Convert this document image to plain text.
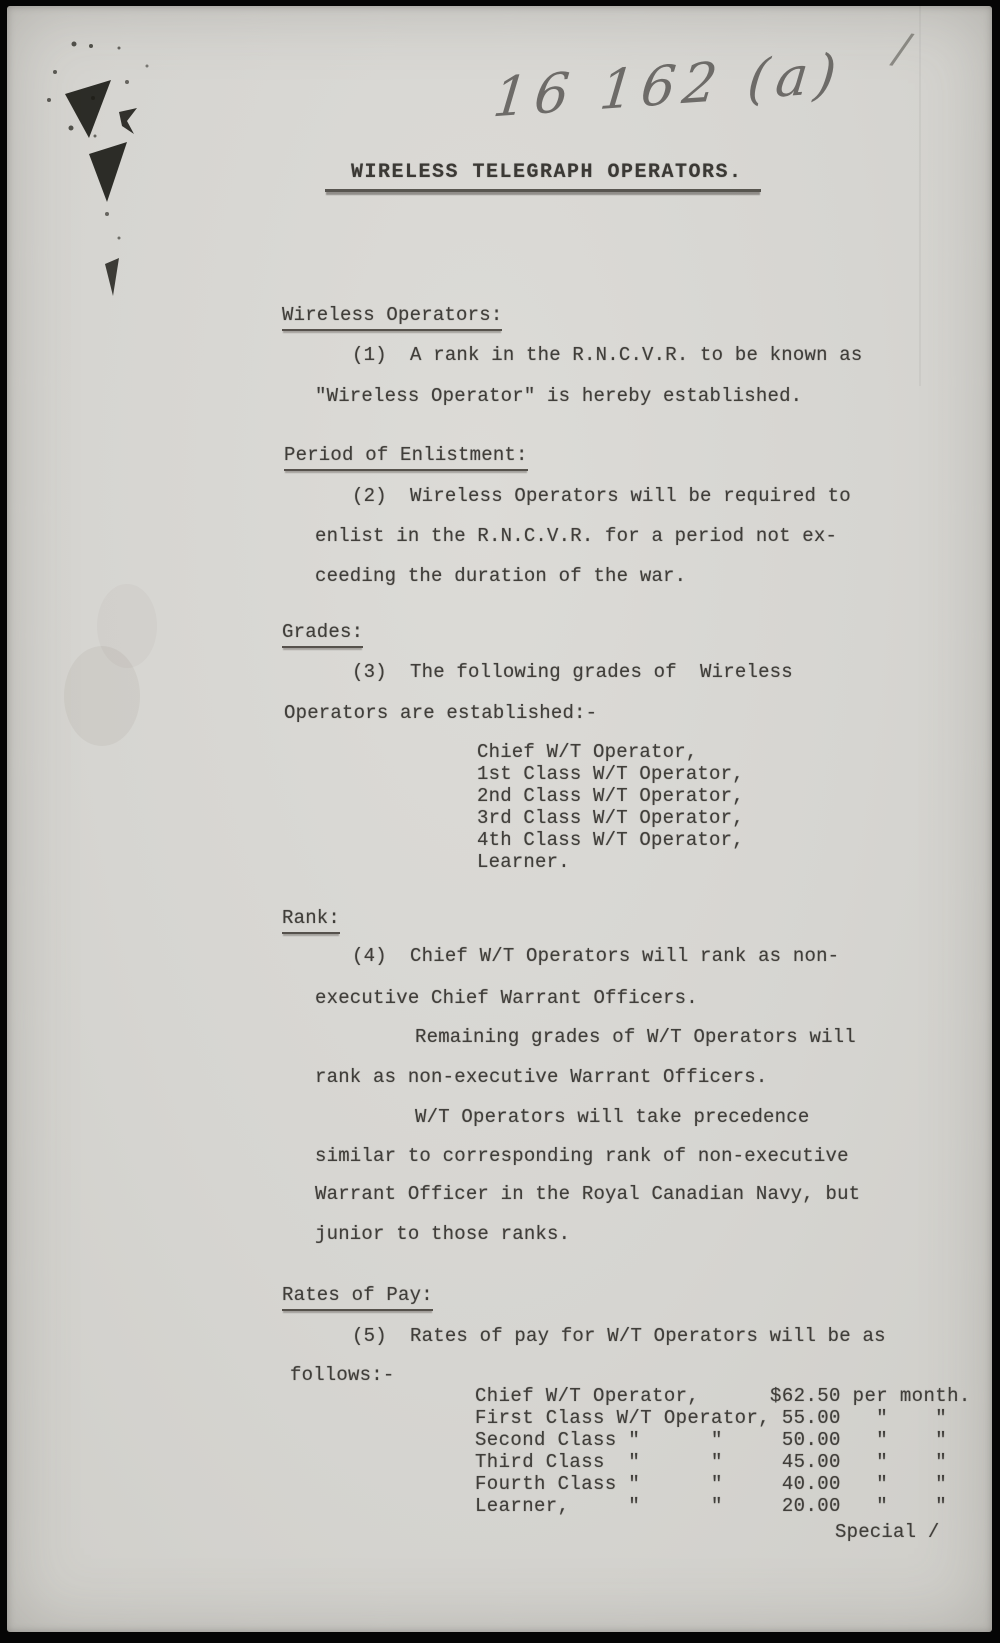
16 162 (a) /
WIRELESS TELEGRAPH OPERATORS.
Wireless Operators:
(1)  A rank in the R.N.C.V.R. to be known as
"Wireless Operator" is hereby established.
Period of Enlistment:
(2)  Wireless Operators will be required to
enlist in the R.N.C.V.R. for a period not ex-
ceeding the duration of the war.
Grades:
(3)  The following grades of  Wireless
Operators are established:-
Chief W/T Operator,
1st Class W/T Operator,
2nd Class W/T Operator,
3rd Class W/T Operator,
4th Class W/T Operator,
Learner.
Rank:
(4)  Chief W/T Operators will rank as non-
executive Chief Warrant Officers.
Remaining grades of W/T Operators will
rank as non-executive Warrant Officers.
W/T Operators will take precedence
similar to corresponding rank of non-executive
Warrant Officer in the Royal Canadian Navy, but
junior to those ranks.
Rates of Pay:
(5)  Rates of pay for W/T Operators will be as
follows:-
Chief W/T Operator,      $62.50 per month.
First Class W/T Operator, 55.00   "    "
Second Class "      "     50.00   "    "
Third Class  "      "     45.00   "    "
Fourth Class "      "     40.00   "    "
Learner,     "      "     20.00   "    "
Special /
